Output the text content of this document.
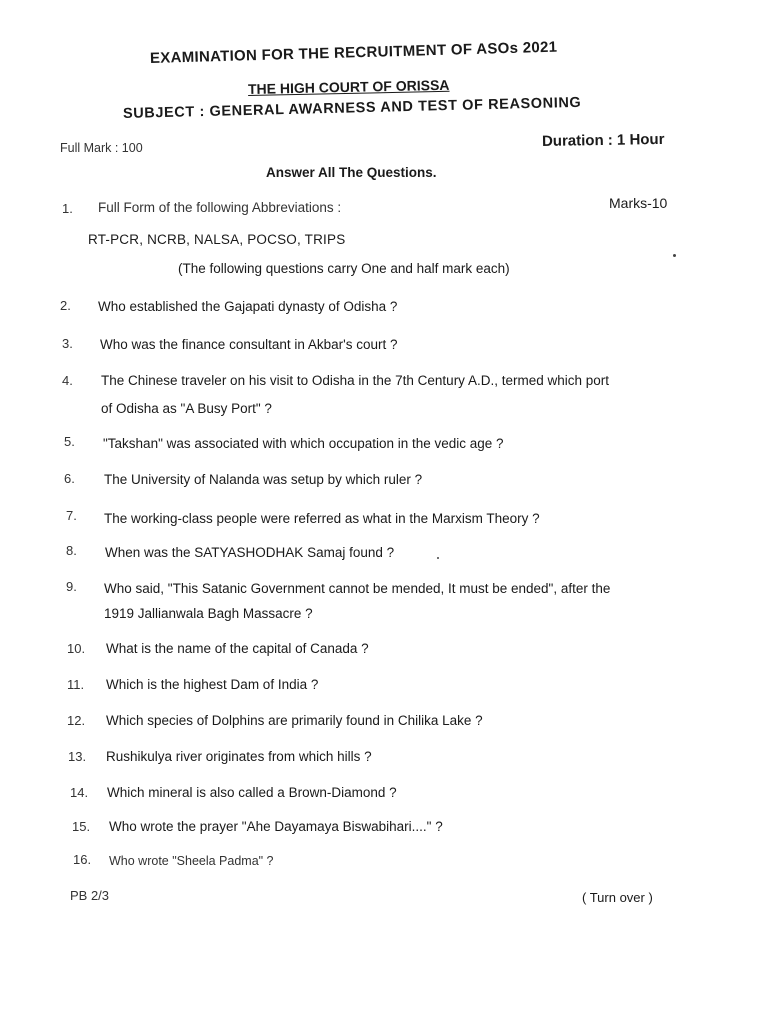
EXAMINATION FOR THE RECRUITMENT OF ASOs 2021
THE HIGH COURT OF ORISSA
SUBJECT : GENERAL AWARNESS AND TEST OF REASONING
Full Mark : 100	Duration : 1 Hour
Answer All The Questions.
1. Full Form of the following Abbreviations :	Marks-10
RT-PCR, NCRB, NALSA, POCSO, TRIPS
(The following questions carry One and half mark each)
2. Who established the Gajapati dynasty of Odisha ?
3. Who was the finance consultant in Akbar's court ?
4. The Chinese traveler on his visit to Odisha in the 7th Century A.D., termed which port
of Odisha as "A Busy Port" ?
5. "Takshan" was associated with which occupation in the vedic age ?
6. The University of Nalanda was setup by which ruler ?
7. The working-class people were referred as what in the Marxism Theory ?
8. When was the SATYASHODHAK Samaj found ?
9. Who said, "This Satanic Government cannot be mended, It must be ended", after the
1919 Jallianwala Bagh Massacre ?
10. What is the name of the capital of Canada ?
11. Which is the highest Dam of India ?
12. Which species of Dolphins are primarily found in Chilika Lake ?
13. Rushikulya river originates from which hills ?
14. Which mineral is also called a Brown-Diamond ?
15. Who wrote the prayer "Ahe Dayamaya Biswabihari...." ?
16. Who wrote "Sheela Padma" ?
PB 2/3	( Turn over )
